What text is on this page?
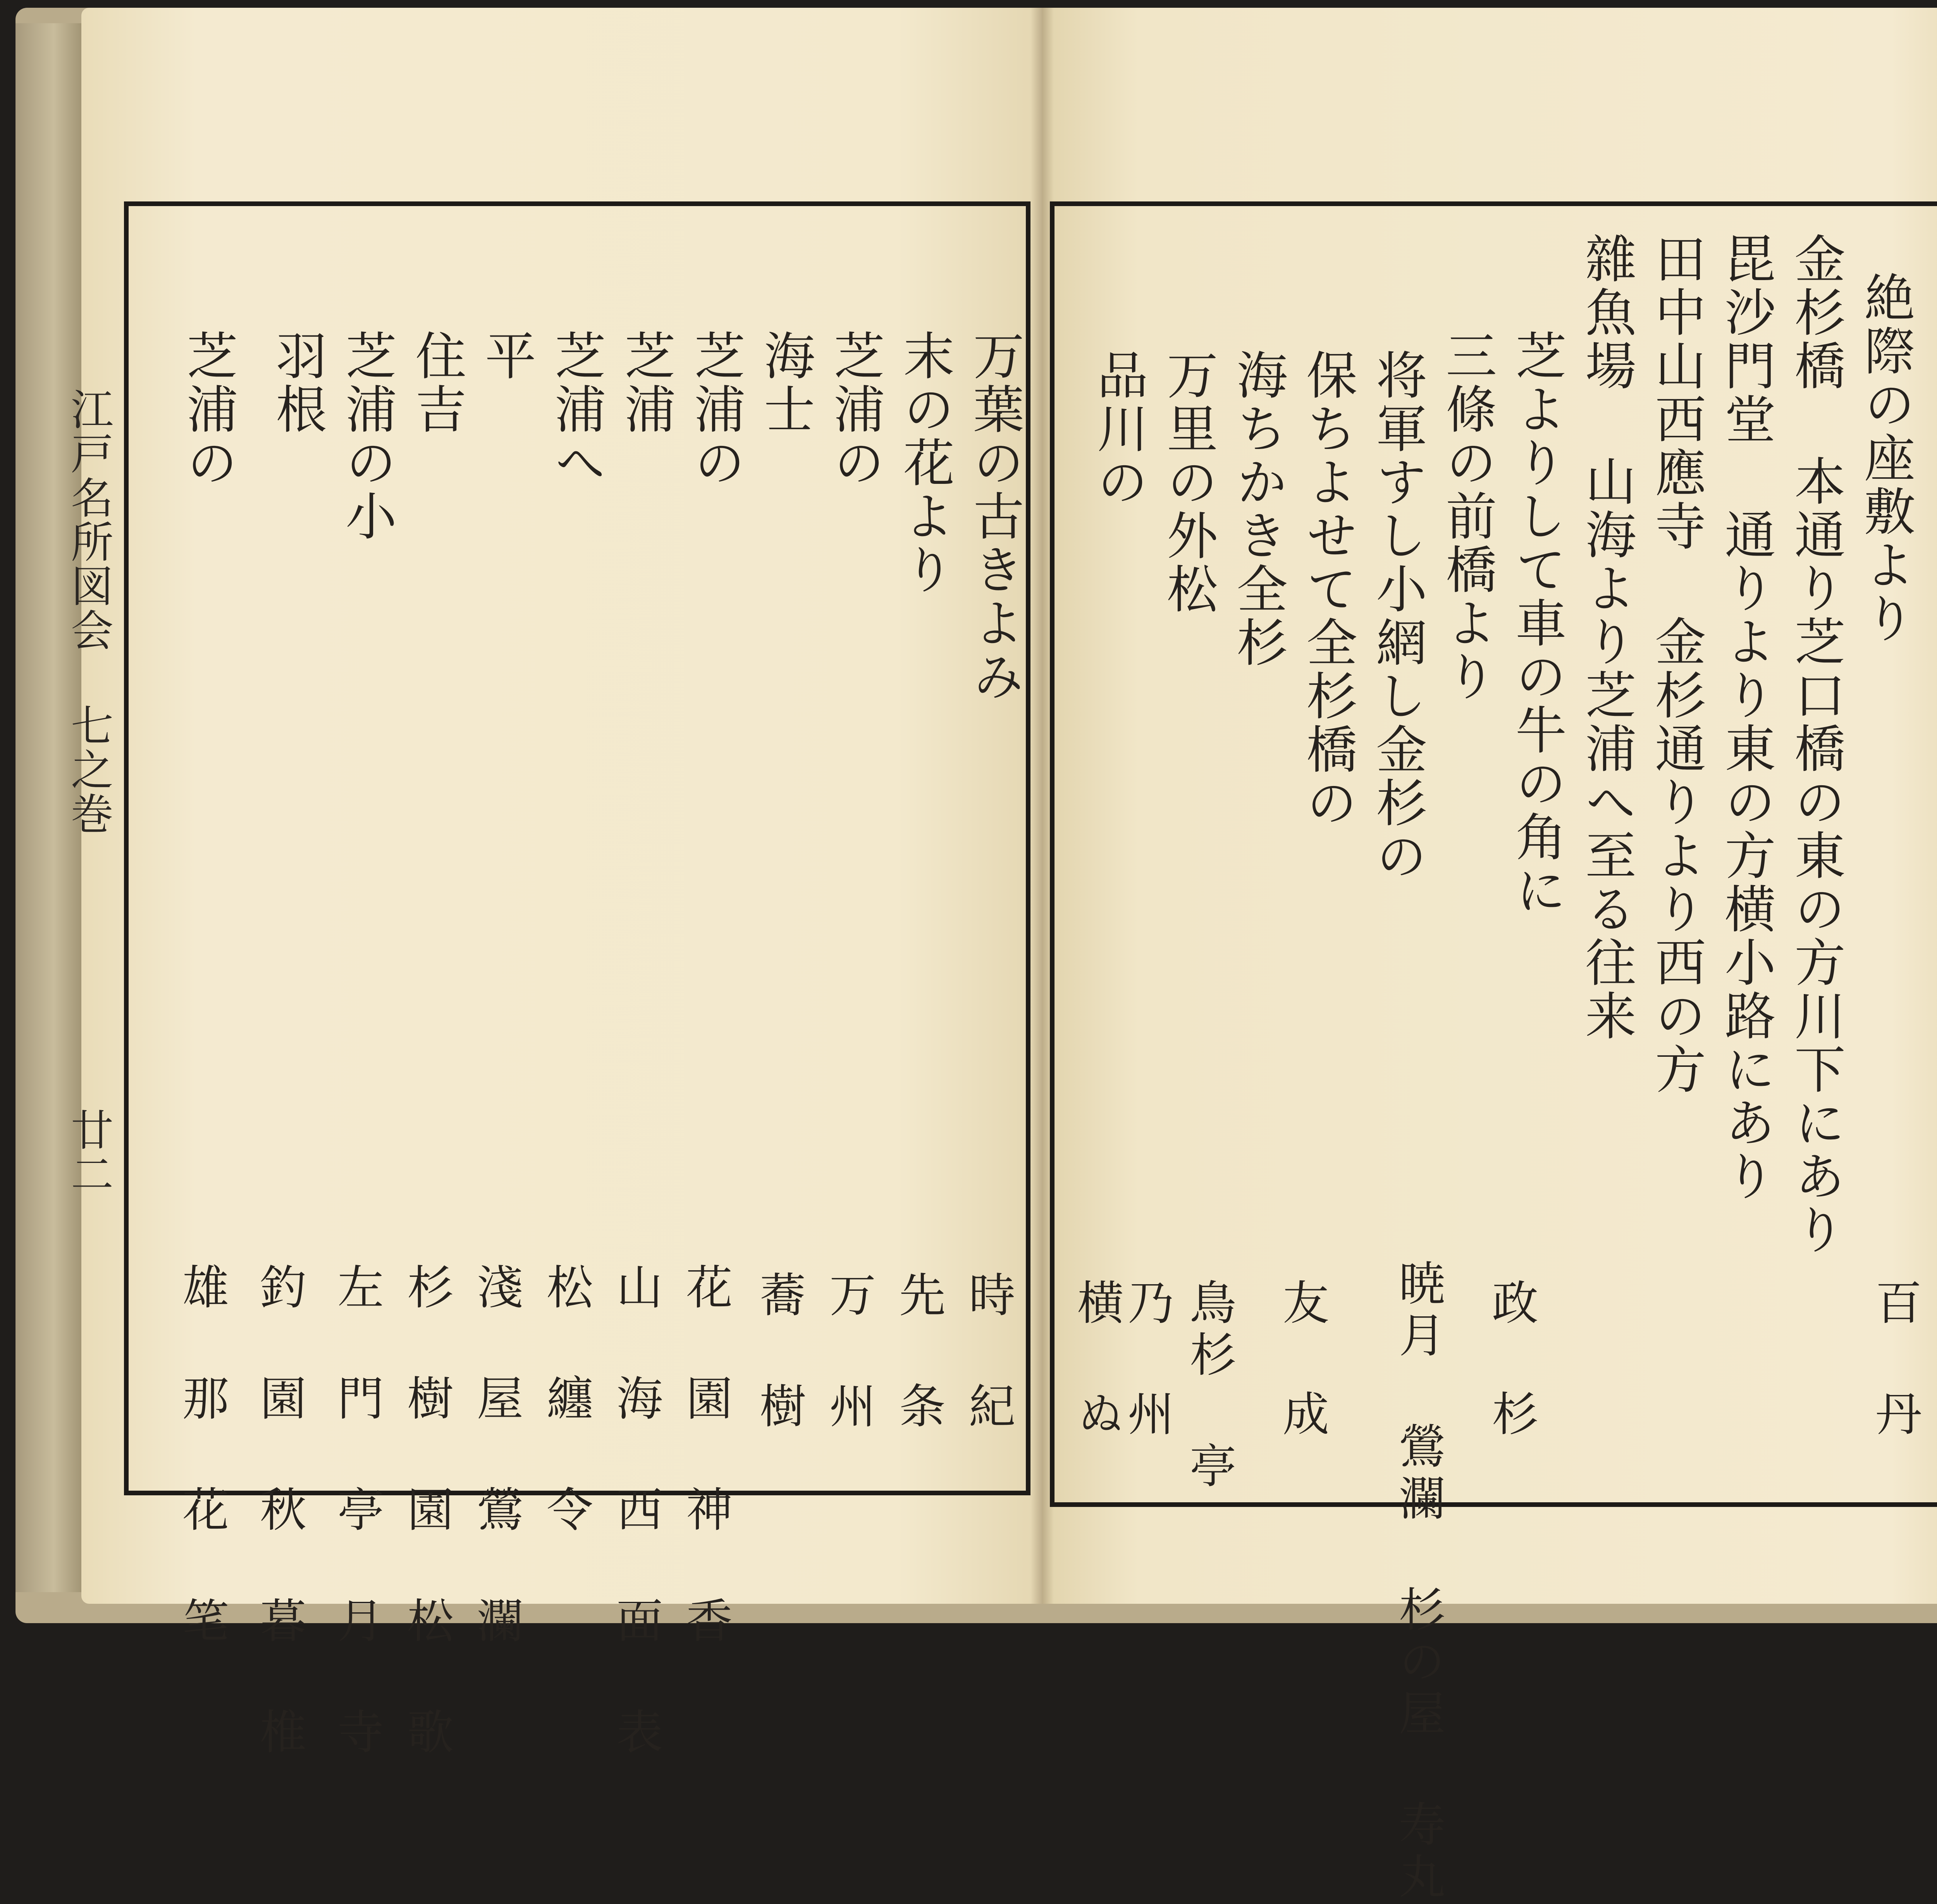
江戸名所図会 七之巻
廿二
絶際の座敷より
金杉橋 本通り芝口橋の東の方川下にあり
毘沙門堂 通りより東の方横小路にあり
田中山西應寺 金杉通りより西の方
雜魚場 山海より芝浦へ至る往来
芝よりして車の牛の角に
三條の前橋より
将軍すし小網し金杉の
保ちよせて全杉橋の
海ちかき全杉
万里の外松
品川の
百 丹
政 杉
暁月 鶯瀾 杉の屋 寿丸
友 成
鳥杉 亭
乃 州
横 ぬ
万葉の古きよみ
末の花より
芝浦の
海士
芝浦の
芝浦
芝浦へ
平
住吉
芝浦の小
羽根
芝浦の
時 紀
先 条
万 州
蕎 樹
花 園 神 香
山 海 西 面 表
松 纏 令
淺 屋 鶯 瀾
杉 樹 園 松 歌
左 門 亭 月 寺
釣 園 秋 暮 椎
雄 那 花 笔
